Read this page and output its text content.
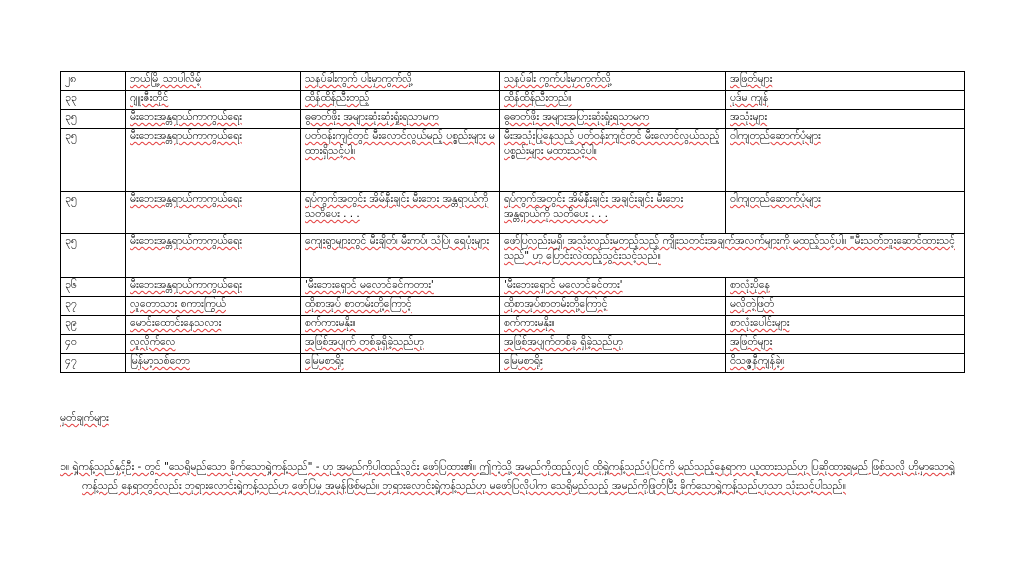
၂၈	ဘယ်မြို့ သာပါလိမ့်	သနပ်ခါးကွက် ပါးမှာကွက်လို့	သနပ်ခါး ကွက်ပါးမှာကွက်လို့	အဖြတ်များ
၃၃	ဂျူးဇီးတိုင်	ထိန်ထိန်ညီးတည့်	ထိန်ထိန်ညီးတည်။	ပုဒ်မ ကျန်
၃၅	မီးဘေးအန္တရာယ်ကာကွယ်ရေး	ဓွဓာတ်ဖိုး အများဆုံးဆုံးရှုံးရသာမက	ဓွဓာတ်ဖိုး အများအပြားဆုံးရှုံးရသာမက	အသုံးများ
၃၅	မီးဘေးအန္တရာယ်ကာကွယ်ရေး	ပတ်ဝန်းကျင်တွင် မီးလောင်လွယ်မည့် ပစ္စည်းများ မထားရှိသင့်ပါ။	မီးအသုံးပြုနေသည့် ပတ်ဝန်းကျင်တွင် မီးလောင်လွယ်သည့် ပစ္စည်းများ မထားသင့်ပါ။	ဝါကျတည်ဆောက်ပုံများ
၃၅	မီးဘေးအန္တရာယ်ကာကွယ်ရေး	ရပ်ကွက်အတွင်း အိမ်နီးချင်း မီးဘေး အန္တရာယ်ကို သတိပေး . . .	ရပ်ကွက်အတွင်း အိမ်နီးချင်း အချင်းချင်း မီးဘေး အန္တရာယ်ကို သတိပေး . . .	ဝါကျတည်ဆောက်ပုံများ
၃၅	မီးဘေးအန္တရာယ်ကာကွယ်ရေး	ကျေးရွာများတွင် မီးချိတ်၊ မီးကပ်၊ သံပြဲ၊ ရေပုံးများ	ဖော်ပြလည်းမရှိ၊ အသုံးလည်းမတည့်သည့် ကျိုးသတင်းအချက်အလက်များကို မထည့်သင့်ပါ။ "မီးသတ်ဘူးဆောင်ထားသင့်သည်" ဟု ပြောင်းလဲထည့်သွင်းသင့်သည်။	
၃၆	မီးဘေးအန္တရာယ်ကာကွယ်ရေး	'မီးဘေးရှောင် မလောင်ခင်ကတား'	'မီးဘေးရှောင် မလောင်ခင်တား'	စာလုံးပိုနေ
၃၇	လူတောသား စကားကြွယ်	ထိုစာအုပ် စာတမ်းတို့ကြောင့်	ထိုစာအုပ်စာတမ်းတို့ကြောင့်	မလိုတဲ့ဖြတ်
၃၉	မောင်းထောင်းနေသလား	စက်ကားမနိုး။	စက်ကားမနိုး။	စာလုံးပေါင်းများ
၄၀	လူလိုက်လေ	အဖြစ်အပျက် တစ်ခုရှိခဲ့သည်ဟု	အဖြစ်အပျက်တစ်ခု ရှိခဲ့သည်ဟု	အဖြတ်များ
၄၇	မြန်မာ့သစ်တော	မြေမစာရိုး	မြေမစာရိုး	ဝိသဇ္ဇနီကျန်ခဲ့။
မှတ်ချက်များ
၁။ ရှဲ့ကန့်သည်နှင့်ဦး - တွင် "သေရိုမည်သော ခိုက်သောရှဲ့ကန့်သည်" - ဟု အမည်ကိုပါထည့်သွင်း ဖော်ပြထား၏။ ဤကဲ့သို့ အမည်ကိုထည့်လျှင် ထိုရှဲ့ကန့်သည်ပုံပြင်ကို မည်သည့်နေရာက ယူထားသည်ဟု ပြဆိုထားရမည် ဖြစ်သလို ဟိုမှာသောရှဲ့ကန့်သည် နေရာတွင်လည်း ဘုရားလောင်းရှဲ့ကန့်သည်ဟု ဖော်ပြမှ အမှန်ဖြစ်မည်။ ဘုရားလောင်းရှဲ့ကန့်သည်ဟု မဖော်ပြလိုပါက သေရိုမည်သည့် အမည်ကိုဖြုတ်ပြီး ခိုက်သောရှဲ့ကန့်သည်ဟုသာ သုံးသင့်ပါသည်။
